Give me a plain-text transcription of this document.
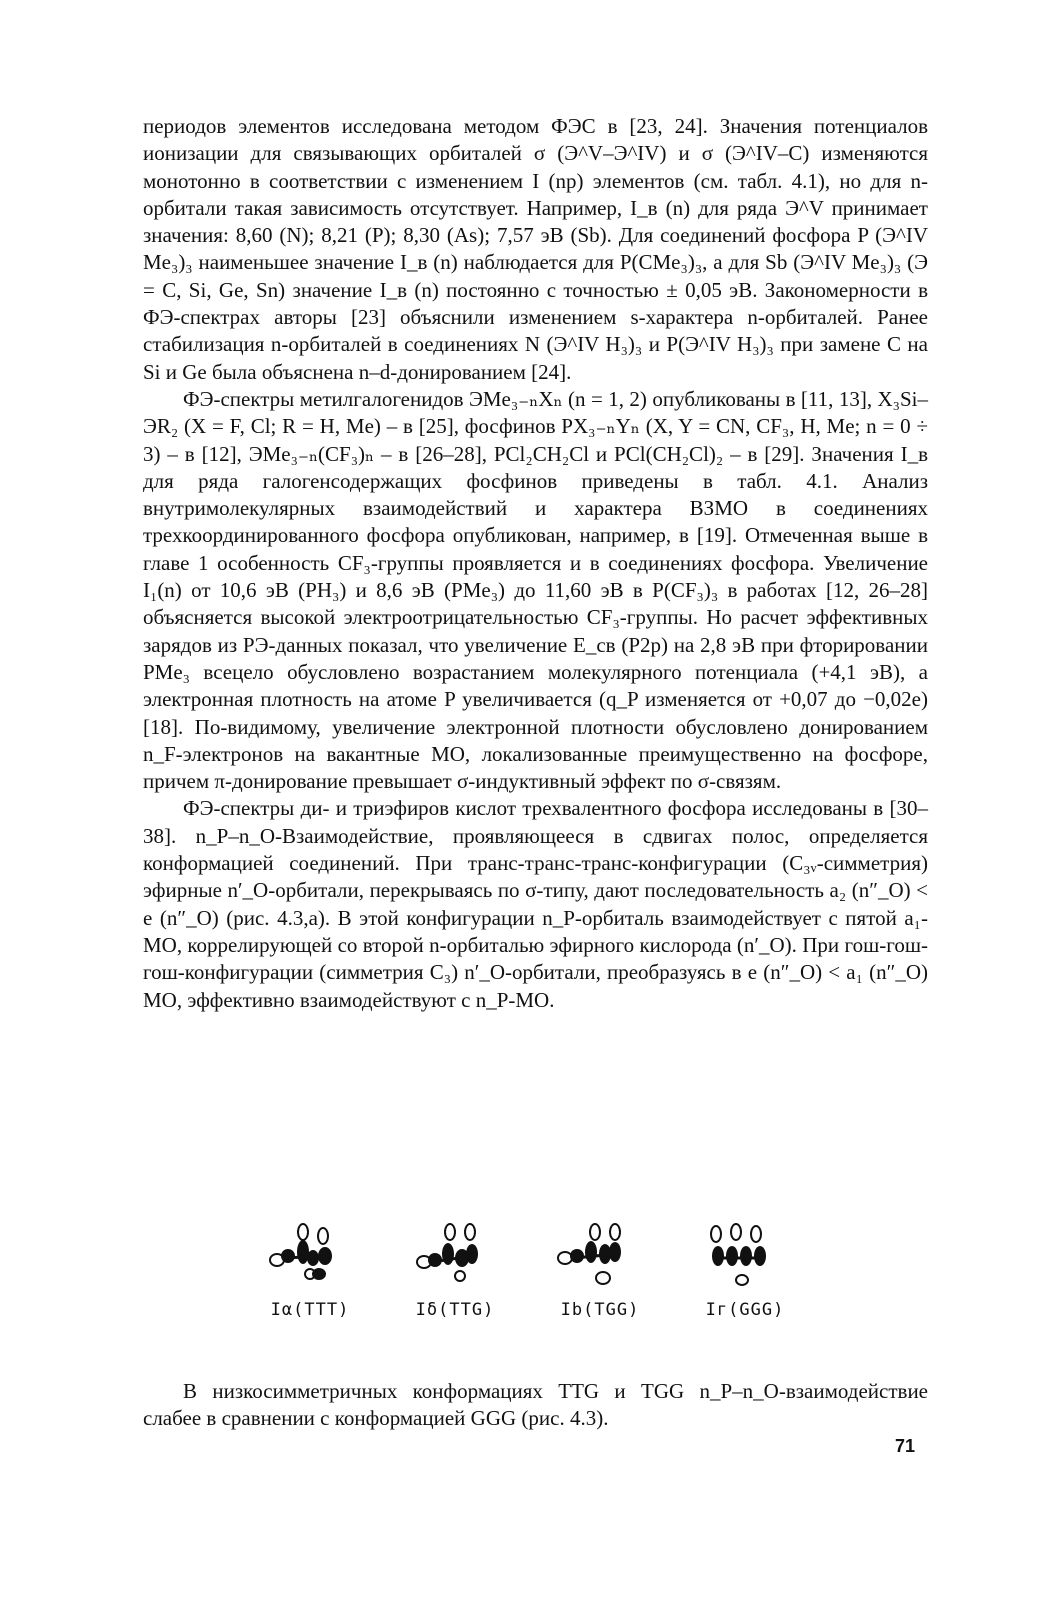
периодов элементов исследована методом ФЭС в [23, 24]. Значения потенциалов ионизации для связывающих орбиталей σ (Э^V–Э^IV) и σ (Э^IV–С) изменяются монотонно в соответствии с изменением I (np) элементов (см. табл. 4.1), но для n-орбитали такая зависимость отсутствует. Например, I_в (n) для ряда Э^V принимает значения: 8,60 (N); 8,21 (P); 8,30 (As); 7,57 эВ (Sb). Для соединений фосфора P (Э^IV Me₃)₃ наименьшее значение I_в (n) наблюдается для P(CMe₃)₃, а для Sb (Э^IV Me₃)₃ (Э = C, Si, Ge, Sn) значение I_в (n) постоянно с точностью ± 0,05 эВ. Закономерности в ФЭ-спектрах авторы [23] объяснили изменением s-характера n-орбиталей. Ранее стабилизация n-орбиталей в соединениях N (Э^IV H₃)₃ и P(Э^IV H₃)₃ при замене C на Si и Ge была объяснена n–d-донированием [24].

ФЭ-спектры метилгалогенидов ЭMe₃₋ₙXₙ (n = 1, 2) опубликованы в [11, 13], X₃Si–ЭR₂ (X = F, Cl; R = H, Me) – в [25], фосфинов PX₃₋ₙYₙ (X, Y = CN, CF₃, H, Me; n = 0 ÷ 3) – в [12], ЭMe₃₋ₙ(CF₃)ₙ – в [26–28], PCl₂CH₂Cl и PCl(CH₂Cl)₂ – в [29]. Значения I_в для ряда галогенсодержащих фосфинов приведены в табл. 4.1. Анализ внутримолекулярных взаимодействий и характера ВЗМО в соединениях трехкоординированного фосфора опубликован, например, в [19]. Отмеченная выше в главе 1 особенность CF₃-группы проявляется и в соединениях фосфора. Увеличение I₁(n) от 10,6 эВ (PH₃) и 8,6 эВ (PMe₃) до 11,60 эВ в P(CF₃)₃ в работах [12, 26–28] объясняется высокой электроотрицательностью CF₃-группы. Но расчет эффективных зарядов из РЭ-данных показал, что увеличение E_св (P2p) на 2,8 эВ при фторировании PMe₃ всецело обусловлено возрастанием молекулярного потенциала (+4,1 эВ), а электронная плотность на атоме P увеличивается (q_P изменяется от +0,07 до −0,02e) [18]. По-видимому, увеличение электронной плотности обусловлено донированием n_F-электронов на вакантные МО, локализованные преимущественно на фосфоре, причем π-донирование превышает σ-индуктивный эффект по σ-связям.

ФЭ-спектры ди- и триэфиров кислот трехвалентного фосфора исследованы в [30–38]. n_P–n_O-Взаимодействие, проявляющееся в сдвигах полос, определяется конформацией соединений. При транс-транс-транс-конфигурации (C₃ᵥ-симметрия) эфирные n′_O-орбитали, перекрываясь по σ-типу, дают последовательность a₂ (n″_O) < e (n″_O) (рис. 4.3,a). В этой конфигурации n_P-орбиталь взаимодействует с пятой a₁-МО, коррелирующей со второй n-орбиталью эфирного кислорода (n′_O). При гош-гош-гош-конфигурации (симметрия C₃) n′_O-орбитали, преобразуясь в e (n″_O) < a₁ (n″_O) МО, эффективно взаимодействуют с n_P-МО.

Iα(TTT)	Iδ(TTG)	Ib(TGG)	Iг(GGG)

В низкосимметричных конформациях TTG и TGG n_P–n_O-взаимодействие слабее в сравнении с конформацией GGG (рис. 4.3).

71
